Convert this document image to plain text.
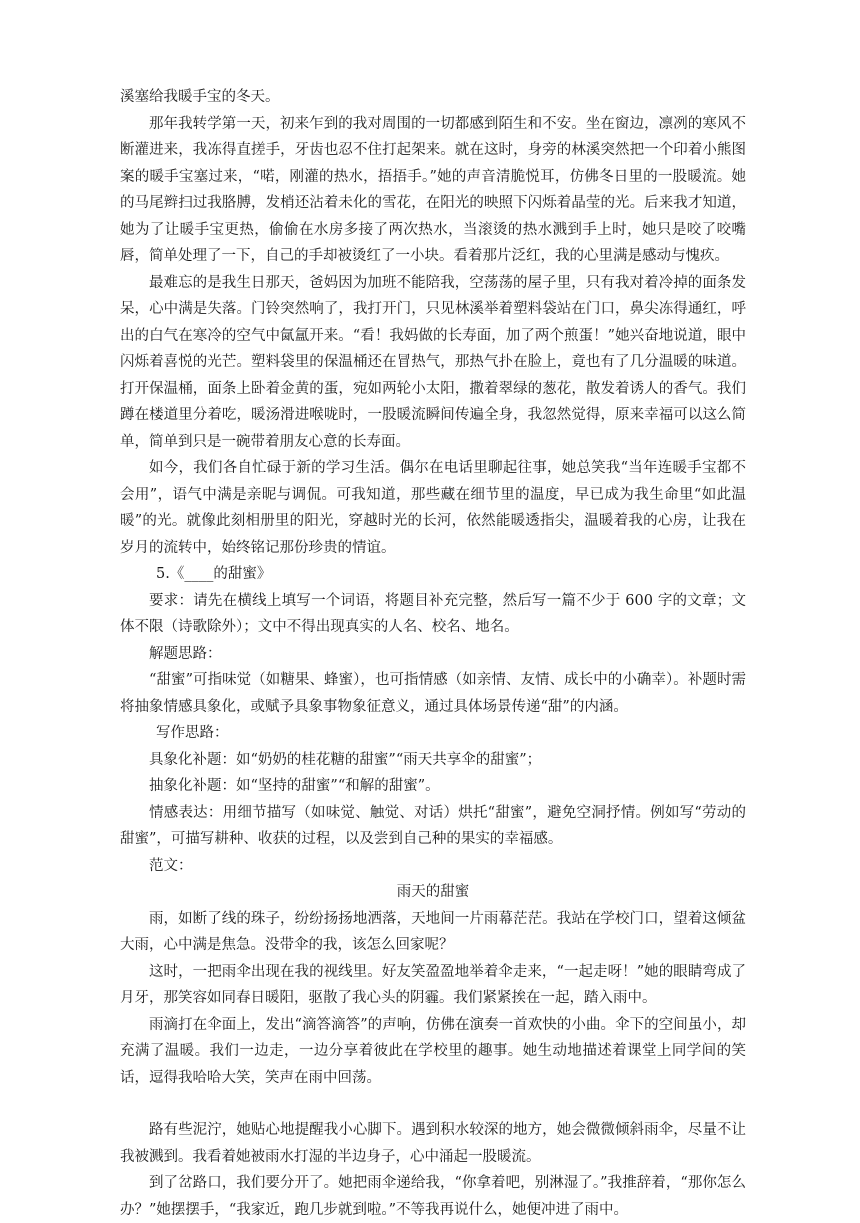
溪塞给我暖手宝的冬天。

那年我转学第一天，初来乍到的我对周围的一切都感到陌生和不安。坐在窗边，凛冽的寒风不断灌进来，我冻得直搓手，牙齿也忍不住打起架来。就在这时，身旁的林溪突然把一个印着小熊图案的暖手宝塞过来，“喏，刚灌的热水，捂捂手。”她的声音清脆悦耳，仿佛冬日里的一股暖流。她的马尾辫扫过我胳膊，发梢还沾着未化的雪花，在阳光的映照下闪烁着晶莹的光。后来我才知道，她为了让暖手宝更热，偷偷在水房多接了两次热水，当滚烫的热水溅到手上时，她只是咬了咬嘴唇，简单处理了一下，自己的手却被烫红了一小块。看着那片泛红，我的心里满是感动与愧疚。

最难忘的是我生日那天，爸妈因为加班不能陪我，空荡荡的屋子里，只有我对着冷掉的面条发呆，心中满是失落。门铃突然响了，我打开门，只见林溪举着塑料袋站在门口，鼻尖冻得通红，呼出的白气在寒冷的空气中氤氲开来。“看！我妈做的长寿面，加了两个煎蛋！”她兴奋地说道，眼中闪烁着喜悦的光芒。塑料袋里的保温桶还在冒热气，那热气扑在脸上，竟也有了几分温暖的味道。打开保温桶，面条上卧着金黄的蛋，宛如两轮小太阳，撒着翠绿的葱花，散发着诱人的香气。我们蹲在楼道里分着吃，暖汤滑进喉咙时，一股暖流瞬间传遍全身，我忽然觉得，原来幸福可以这么简单，简单到只是一碗带着朋友心意的长寿面。

如今，我们各自忙碌于新的学习生活。偶尔在电话里聊起往事，她总笑我“当年连暖手宝都不会用”，语气中满是亲昵与调侃。可我知道，那些藏在细节里的温度，早已成为我生命里“如此温暖”的光。就像此刻相册里的阳光，穿越时光的长河，依然能暖透指尖，温暖着我的心房，让我在岁月的流转中，始终铭记那份珍贵的情谊。

5.《____的甜蜜》

要求：请先在横线上填写一个词语，将题目补充完整，然后写一篇不少于 600 字的文章；文体不限（诗歌除外）；文中不得出现真实的人名、校名、地名。

解题思路：

“甜蜜”可指味觉（如糖果、蜂蜜），也可指情感（如亲情、友情、成长中的小确幸）。补题时需将抽象情感具象化，或赋予具象事物象征意义，通过具体场景传递“甜”的内涵。

写作思路：

具象化补题：如“奶奶的桂花糖的甜蜜”“雨天共享伞的甜蜜”；

抽象化补题：如“坚持的甜蜜”“和解的甜蜜”。

情感表达：用细节描写（如味觉、触觉、对话）烘托“甜蜜”，避免空洞抒情。例如写“劳动的甜蜜”，可描写耕种、收获的过程，以及尝到自己种的果实的幸福感。

范文：

雨天的甜蜜

雨，如断了线的珠子，纷纷扬扬地洒落，天地间一片雨幕茫茫。我站在学校门口，望着这倾盆大雨，心中满是焦急。没带伞的我，该怎么回家呢？

这时，一把雨伞出现在我的视线里。好友笑盈盈地举着伞走来，“一起走呀！”她的眼睛弯成了月牙，那笑容如同春日暖阳，驱散了我心头的阴霾。我们紧紧挨在一起，踏入雨中。

雨滴打在伞面上，发出“滴答滴答”的声响，仿佛在演奏一首欢快的小曲。伞下的空间虽小，却充满了温暖。我们一边走，一边分享着彼此在学校里的趣事。她生动地描述着课堂上同学间的笑话，逗得我哈哈大笑，笑声在雨中回荡。

路有些泥泞，她贴心地提醒我小心脚下。遇到积水较深的地方，她会微微倾斜雨伞，尽量不让我被溅到。我看着她被雨水打湿的半边身子，心中涌起一股暖流。

到了岔路口，我们要分开了。她把雨伞递给我，“你拿着吧，别淋湿了。”我推辞着，“那你怎么办？”她摆摆手，“我家近，跑几步就到啦。”不等我再说什么，她便冲进了雨中。
